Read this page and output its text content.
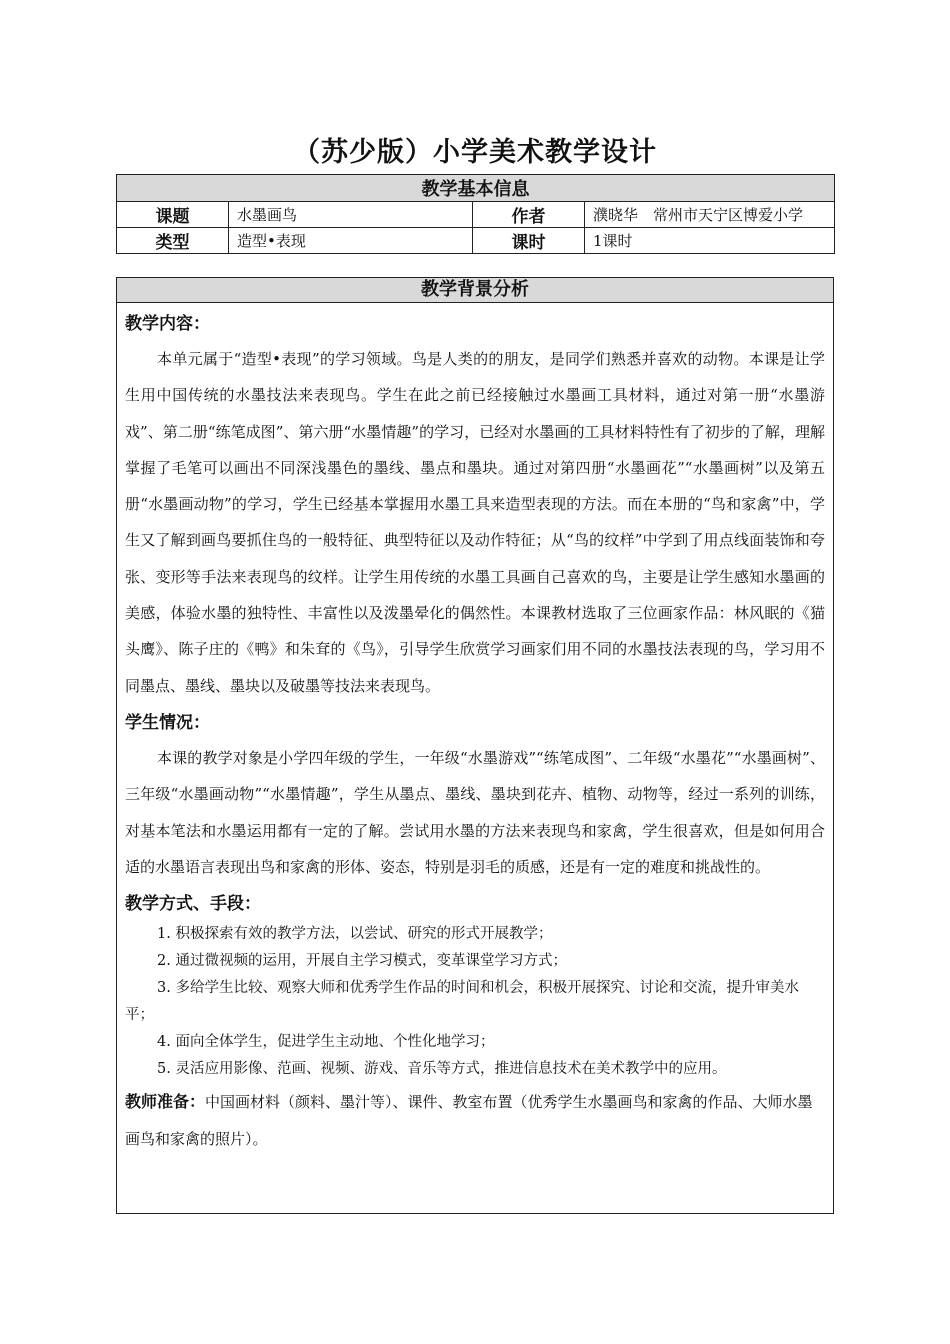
（苏少版）小学美术教学设计
教学基本信息			
课题	水墨画鸟	作者	濮晓华　常州市天宁区博爱小学
类型	造型•表现	课时	1课时
教学背景分析
教学内容：

本单元属于“造型•表现”的学习领域。鸟是人类的的朋友，是同学们熟悉并喜欢的动物。本课是让学生用中国传统的水墨技法来表现鸟。学生在此之前已经接触过水墨画工具材料，通过对第一册“水墨游戏”、第二册“练笔成图”、第六册“水墨情趣”的学习，已经对水墨画的工具材料特性有了初步的了解，理解掌握了毛笔可以画出不同深浅墨色的墨线、墨点和墨块。通过对第四册“水墨画花”“水墨画树”以及第五册“水墨画动物”的学习，学生已经基本掌握用水墨工具来造型表现的方法。而在本册的“鸟和家禽”中，学生又了解到画鸟要抓住鸟的一般特征、典型特征以及动作特征；从“鸟的纹样”中学到了用点线面装饰和夸张、变形等手法来表现鸟的纹样。让学生用传统的水墨工具画自己喜欢的鸟，主要是让学生感知水墨画的美感，体验水墨的独特性、丰富性以及泼墨晕化的偶然性。本课教材选取了三位画家作品：林风眠的《猫头鹰》、陈子庄的《鸭》和朱耷的《鸟》，引导学生欣赏学习画家们用不同的水墨技法表现的鸟，学习用不同墨点、墨线、墨块以及破墨等技法来表现鸟。

学生情况：

本课的教学对象是小学四年级的学生，一年级“水墨游戏”“练笔成图”、二年级“水墨花”“水墨画树”、三年级“水墨画动物”“水墨情趣”，学生从墨点、墨线、墨块到花卉、植物、动物等，经过一系列的训练，对基本笔法和水墨运用都有一定的了解。尝试用水墨的方法来表现鸟和家禽，学生很喜欢，但是如何用合适的水墨语言表现出鸟和家禽的形体、姿态，特别是羽毛的质感，还是有一定的难度和挑战性的。

教学方式、手段：
1. 积极探索有效的教学方法，以尝试、研究的形式开展教学；
2. 通过微视频的运用，开展自主学习模式，变革课堂学习方式；
3. 多给学生比较、观察大师和优秀学生作品的时间和机会，积极开展探究、讨论和交流，提升审美水平；
4. 面向全体学生，促进学生主动地、个性化地学习；
5. 灵活应用影像、范画、视频、游戏、音乐等方式，推进信息技术在美术教学中的应用。

教师准备：中国画材料（颜料、墨汁等）、课件、教室布置（优秀学生水墨画鸟和家禽的作品、大师水墨画鸟和家禽的照片）。
